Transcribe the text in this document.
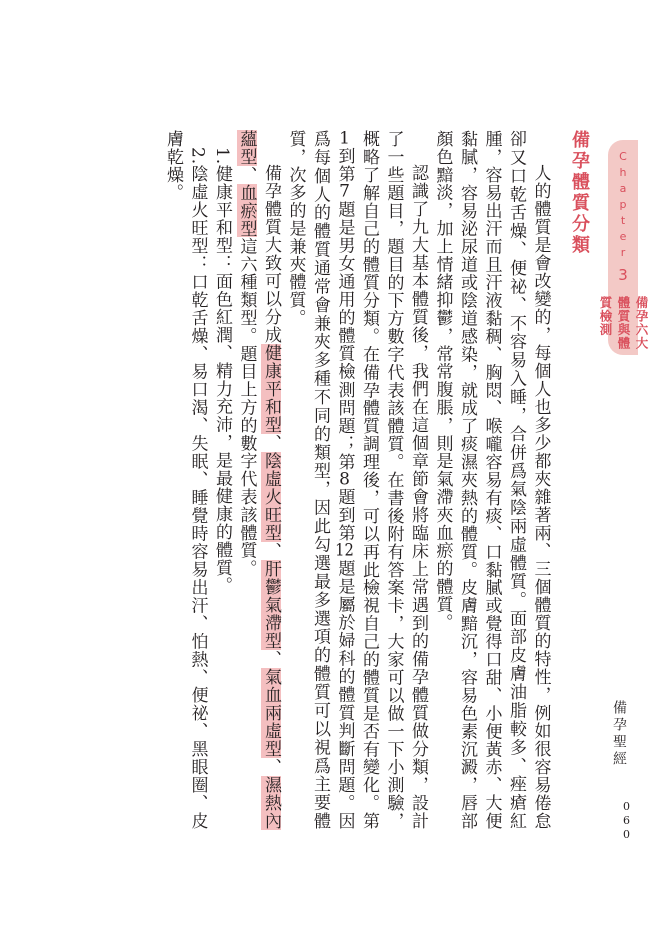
Chapter
3
備孕六大體質與體質檢測
備孕聖經
060

備孕體質分類

人的體質是會改變的，每個人也多少都夾雜著兩、三個體質的特性，例如很容易倦怠卻又口乾舌燥、便祕、不容易入睡，合併爲氣陰兩虛體質。面部皮膚油脂較多、痤瘡紅腫，容易出汗而且汗液黏稠、胸悶、喉嚨容易有痰、口黏膩或覺得口甜、小便黃赤、大便黏膩，容易泌尿道或陰道感染，就成了痰濕夾熱的體質。皮膚黯沉，容易色素沉澱，唇部顏色黯淡，加上情緒抑鬱，常常腹脹，則是氣滯夾血瘀的體質。

認識了九大基本體質後，我們在這個章節會將臨床上常遇到的備孕體質做分類，設計了一些題目，題目的下方數字代表該體質。在書後附有答案卡，大家可以做一下小測驗，概略了解自己的體質分類。在備孕體質調理後，可以再此檢視自己的體質是否有變化。第1到第7題是男女通用的體質檢測問題；第8題到第12題是屬於婦科的體質判斷問題。因爲每個人的體質通常會兼夾多種不同的類型，因此勾選最多選項的體質可以視爲主要體質，次多的是兼夾體質。

備孕體質大致可以分成健康平和型、陰虛火旺型、肝鬱氣滯型、氣血兩虛型、濕熱內蘊型、血瘀型這六種類型。題目上方的數字代表該體質。

1.健康平和型：面色紅潤、精力充沛，是最健康的體質。

2.陰虛火旺型：口乾舌燥、易口渴、失眠、睡覺時容易出汗、怕熱、便祕、黑眼圈、皮膚乾燥。
